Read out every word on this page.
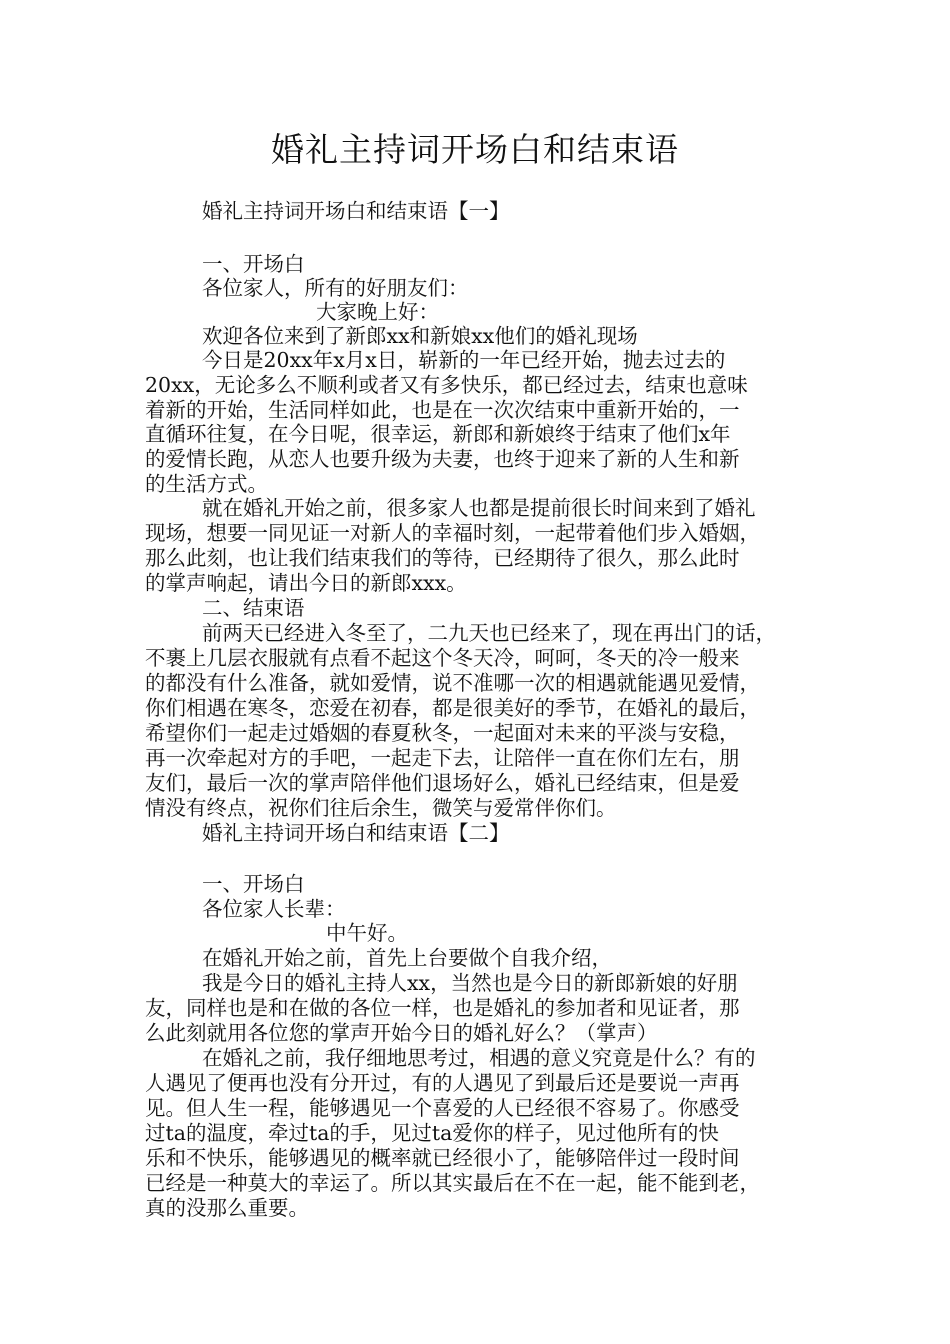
婚礼主持词开场白和结束语
婚礼主持词开场白和结束语【一】
一、开场白
各位家人，所有的好朋友们：
大家晚上好：
欢迎各位来到了新郎xx和新娘xx他们的婚礼现场
今日是20xx年x月x日，崭新的一年已经开始，抛去过去的
20xx，无论多么不顺利或者又有多快乐，都已经过去，结束也意味
着新的开始，生活同样如此，也是在一次次结束中重新开始的，一
直循环往复，在今日呢，很幸运，新郎和新娘终于结束了他们x年
的爱情长跑，从恋人也要升级为夫妻，也终于迎来了新的人生和新
的生活方式。
就在婚礼开始之前，很多家人也都是提前很长时间来到了婚礼
现场，想要一同见证一对新人的幸福时刻，一起带着他们步入婚姻，
那么此刻，也让我们结束我们的等待，已经期待了很久，那么此时
的掌声响起，请出今日的新郎xxx。
二、结束语
前两天已经进入冬至了，二九天也已经来了，现在再出门的话，
不裹上几层衣服就有点看不起这个冬天冷，呵呵，冬天的冷一般来
的都没有什么准备，就如爱情，说不准哪一次的相遇就能遇见爱情，
你们相遇在寒冬，恋爱在初春，都是很美好的季节，在婚礼的最后，
希望你们一起走过婚姻的春夏秋冬，一起面对未来的平淡与安稳，
再一次牵起对方的手吧，一起走下去，让陪伴一直在你们左右，朋
友们，最后一次的掌声陪伴他们退场好么，婚礼已经结束，但是爱
情没有终点，祝你们往后余生，微笑与爱常伴你们。
婚礼主持词开场白和结束语【二】
一、开场白
各位家人长辈：
中午好。
在婚礼开始之前，首先上台要做个自我介绍，
我是今日的婚礼主持人xx，当然也是今日的新郎新娘的好朋
友，同样也是和在做的各位一样，也是婚礼的参加者和见证者，那
么此刻就用各位您的掌声开始今日的婚礼好么？（掌声）
在婚礼之前，我仔细地思考过，相遇的意义究竟是什么？有的
人遇见了便再也没有分开过，有的人遇见了到最后还是要说一声再
见。但人生一程，能够遇见一个喜爱的人已经很不容易了。你感受
过ta的温度，牵过ta的手，见过ta爱你的样子，见过他所有的快
乐和不快乐，能够遇见的概率就已经很小了，能够陪伴过一段时间
已经是一种莫大的幸运了。所以其实最后在不在一起，能不能到老，
真的没那么重要。
